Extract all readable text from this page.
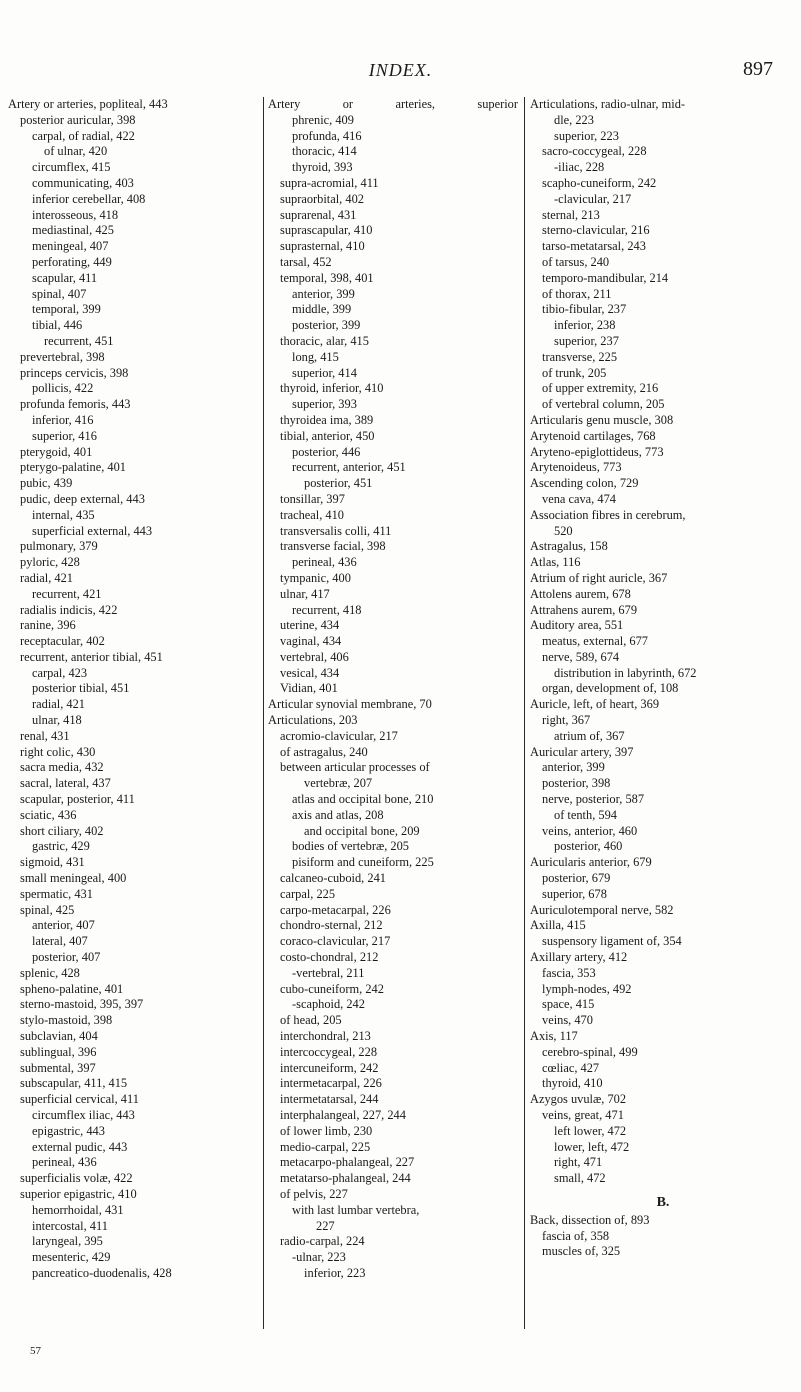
INDEX.	897
Artery or arteries, popliteal, 443
posterior auricular, 398
carpal, of radial, 422
of ulnar, 420
circumflex, 415
communicating, 403
inferior cerebellar, 408
interosseous, 418
mediastinal, 425
meningeal, 407
perforating, 449
scapular, 411
spinal, 407
temporal, 399
tibial, 446
recurrent, 451
prevertebral, 398
princeps cervicis, 398
pollicis, 422
profunda femoris, 443
inferior, 416
superior, 416
pterygoid, 401
pterygo-palatine, 401
pubic, 439
pudic, deep external, 443
internal, 435
superficial external, 443
pulmonary, 379
pyloric, 428
radial, 421
recurrent, 421
radialis indicis, 422
ranine, 396
receptacular, 402
recurrent, anterior tibial, 451
carpal, 423
posterior tibial, 451
radial, 421
ulnar, 418
renal, 431
right colic, 430
sacra media, 432
sacral, lateral, 437
scapular, posterior, 411
sciatic, 436
short ciliary, 402
gastric, 429
sigmoid, 431
small meningeal, 400
spermatic, 431
spinal, 425
anterior, 407
lateral, 407
posterior, 407
splenic, 428
spheno-palatine, 401
sterno-mastoid, 395, 397
stylo-mastoid, 398
subclavian, 404
sublingual, 396
submental, 397
subscapular, 411, 415
superficial cervical, 411
circumflex iliac, 443
epigastric, 443
external pudic, 443
perineal, 436
superficialis volæ, 422
superior epigastric, 410
hemorrhoidal, 431
intercostal, 411
laryngeal, 395
mesenteric, 429
pancreatico-duodenalis, 428
Artery or arteries, superior
phrenic, 409
profunda, 416
thoracic, 414
thyroid, 393
supra-acromial, 411
supraorbital, 402
suprarenal, 431
suprascapular, 410
suprasternal, 410
tarsal, 452
temporal, 398, 401
anterior, 399
middle, 399
posterior, 399
thoracic, alar, 415
long, 415
superior, 414
thyroid, inferior, 410
superior, 393
thyroidea ima, 389
tibial, anterior, 450
posterior, 446
recurrent, anterior, 451
posterior, 451
tonsillar, 397
tracheal, 410
transversalis colli, 411
transverse facial, 398
perineal, 436
tympanic, 400
ulnar, 417
recurrent, 418
uterine, 434
vaginal, 434
vertebral, 406
vesical, 434
Vidian, 401
Articular synovial membrane, 70
Articulations, 203
acromio-clavicular, 217
of astragalus, 240
between articular processes of
vertebræ, 207
atlas and occipital bone, 210
axis and atlas, 208
and occipital bone, 209
bodies of vertebræ, 205
pisiform and cuneiform, 225
calcaneo-cuboid, 241
carpal, 225
carpo-metacarpal, 226
chondro-sternal, 212
coraco-clavicular, 217
costo-chondral, 212
-vertebral, 211
cubo-cuneiform, 242
-scaphoid, 242
of head, 205
interchondral, 213
intercoccygeal, 228
intercuneiform, 242
intermetacarpal, 226
intermetatarsal, 244
interphalangeal, 227, 244
of lower limb, 230
medio-carpal, 225
metacarpo-phalangeal, 227
metatarso-phalangeal, 244
of pelvis, 227
with last lumbar vertebra,
227
radio-carpal, 224
-ulnar, 223
inferior, 223
Articulations, radio-ulnar, mid-
dle, 223
superior, 223
sacro-coccygeal, 228
-iliac, 228
scapho-cuneiform, 242
-clavicular, 217
sternal, 213
sterno-clavicular, 216
tarso-metatarsal, 243
of tarsus, 240
temporo-mandibular, 214
of thorax, 211
tibio-fibular, 237
inferior, 238
superior, 237
transverse, 225
of trunk, 205
of upper extremity, 216
of vertebral column, 205
Articularis genu muscle, 308
Arytenoid cartilages, 768
Aryteno-epiglottideus, 773
Arytenoideus, 773
Ascending colon, 729
vena cava, 474
Association fibres in cerebrum,
520
Astragalus, 158
Atlas, 116
Atrium of right auricle, 367
Attolens aurem, 678
Attrahens aurem, 679
Auditory area, 551
meatus, external, 677
nerve, 589, 674
distribution in labyrinth, 672
organ, development of, 108
Auricle, left, of heart, 369
right, 367
atrium of, 367
Auricular artery, 397
anterior, 399
posterior, 398
nerve, posterior, 587
of tenth, 594
veins, anterior, 460
posterior, 460
Auricularis anterior, 679
posterior, 679
superior, 678
Auriculotemporal nerve, 582
Axilla, 415
suspensory ligament of, 354
Axillary artery, 412
fascia, 353
lymph-nodes, 492
space, 415
veins, 470
Axis, 117
cerebro-spinal, 499
cœliac, 427
thyroid, 410
Azygos uvulæ, 702
veins, great, 471
left lower, 472
lower, left, 472
right, 471
small, 472
B.
Back, dissection of, 893
fascia of, 358
muscles of, 325
57
